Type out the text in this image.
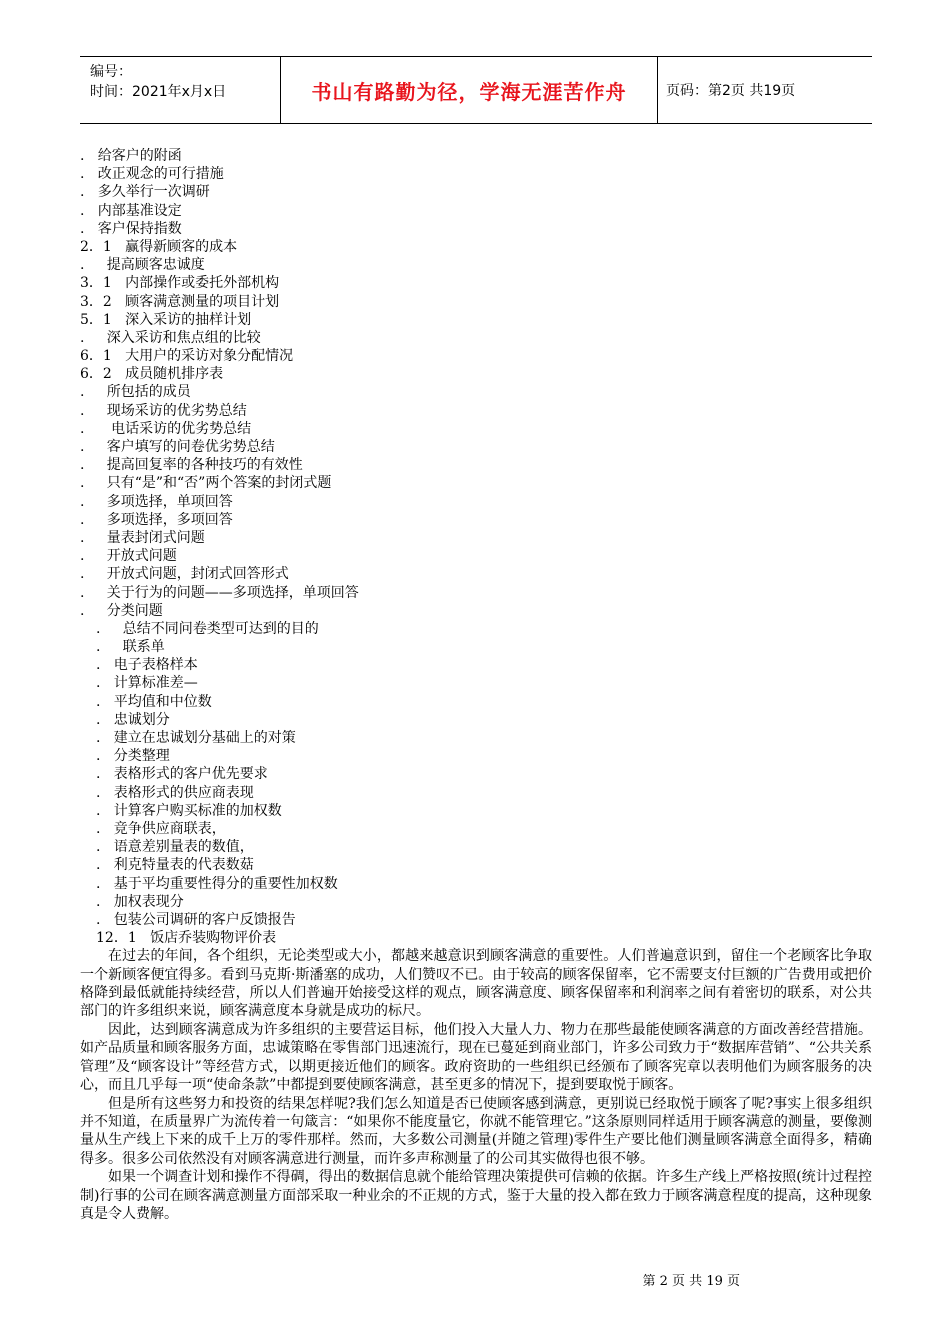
编号：
时间：2021年x月x日	书山有路勤为径，学海无涯苦作舟	页码：第2页 共19页
.   给客户的附函
.   改正观念的可行措施
.   多久举行一次调研
.   内部基准设定
.   客户保持指数
2．1   赢得新顾客的成本
.     提高顾客忠诚度
3．1   内部操作或委托外部机构
3．2   顾客满意测量的项目计划
5．1   深入采访的抽样计划
.     深入采访和焦点组的比较
6．1   大用户的采访对象分配情况
6．2   成员随机排序表
.     所包括的成员
.     现场采访的优劣势总结
.      电话采访的优劣势总结
.     客户填写的问卷优劣势总结
.     提高回复率的各种技巧的有效性
.     只有“是”和“否”两个答案的封闭式题
.     多项选择，单项回答
.     多项选择，多项回答
.     量表封闭式问题
.     开放式问题
.     开放式问题，封闭式回答形式
.     关于行为的问题——多项选择，单项回答
.     分类问题
.     总结不同问卷类型可达到的目的
.     联系单
.   电子表格样本
.   计算标准差—
.   平均值和中位数
.   忠诚划分
.   建立在忠诚划分基础上的对策
.   分类整理
.   表格形式的客户优先要求
.   表格形式的供应商表现
.   计算客户购买标准的加权数
.   竞争供应商联表，
.   语意差别量表的数值，
.   利克特量表的代表数菇
.   基于平均重要性得分的重要性加权数
.   加权表现分
.   包装公司调研的客户反馈报告
12．1   饭店乔装购物评价表

在过去的年间，各个组织，无论类型或大小，都越来越意识到顾客满意的重要性。人们普遍意识到，留住一个老顾客比争取一个新顾客便宜得多。看到马克斯·斯潘塞的成功，人们赞叹不已。由于较高的顾客保留率，它不需要支付巨额的广告费用或把价格降到最低就能持续经营，所以人们普遍开始接受这样的观点，顾客满意度、顾客保留率和利润率之间有着密切的联系，对公共部门的许多组织来说，顾客满意度本身就是成功的标尺。

因此，达到顾客满意成为许多组织的主要营运目标，他们投入大量人力、物力在那些最能使顾客满意的方面改善经营措施。如产品质量和顾客服务方面，忠诚策略在零售部门迅速流行，现在已蔓延到商业部门，许多公司致力于“数据库营销”、“公共关系管理”及“顾客设计”等经营方式，以期更接近他们的顾客。政府资助的一些组织已经颁布了顾客宪章以表明他们为顾客服务的决心，而且几乎每一项“使命条款”中都提到要使顾客满意，甚至更多的情况下，提到要取悦于顾客。

但是所有这些努力和投资的结果怎样呢?我们怎么知道是否已使顾客感到满意，更别说已经取悦于顾客了呢?事实上很多组织并不知道，在质量界广为流传着一句箴言：“如果你不能度量它，你就不能管理它。”这条原则同样适用于顾客满意的测量，要像测量从生产线上下来的成千上万的零件那样。然而，大多数公司测量(并随之管理)零件生产要比他们测量顾客满意全面得多，精确得多。很多公司依然没有对顾客满意进行测量，而许多声称测量了的公司其实做得也很不够。

如果一个调查计划和操作不得碉，得出的数据信息就个能给管理决策提供可信赖的依据。许多生产线上严格按照(统计过程控制)行事的公司在顾客满意测量方面部采取一种业余的不正规的方式，鉴于大量的投入都在致力于顾客满意程度的提高，这种现象真是令人费解。

第 2 页 共 19 页
